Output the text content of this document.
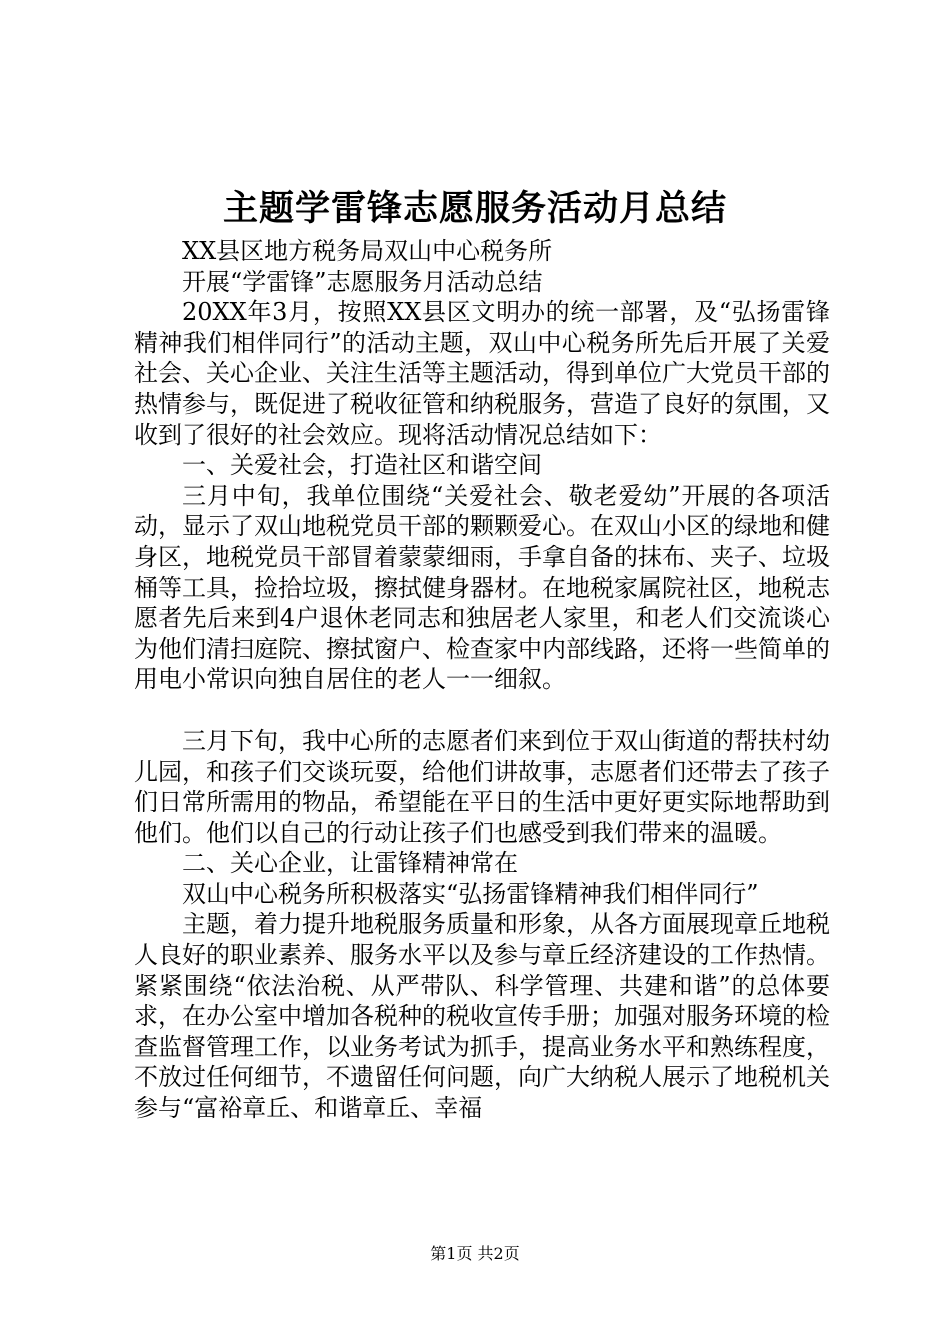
主题学雷锋志愿服务活动月总结

XX县区地方税务局双山中心税务所

开展“学雷锋”志愿服务月活动总结

20XX年3月，按照XX县区文明办的统一部署，及“弘扬雷锋精神我们相伴同行”的活动主题，双山中心税务所先后开展了关爱社会、关心企业、关注生活等主题活动，得到单位广大党员干部的热情参与，既促进了税收征管和纳税服务，营造了良好的氛围，又收到了很好的社会效应。现将活动情况总结如下：

一、关爱社会，打造社区和谐空间

三月中旬，我单位围绕“关爱社会、敬老爱幼”开展的各项活动，显示了双山地税党员干部的颗颗爱心。在双山小区的绿地和健身区，地税党员干部冒着蒙蒙细雨，手拿自备的抹布、夹子、垃圾桶等工具，捡拾垃圾，擦拭健身器材。在地税家属院社区，地税志愿者先后来到4户退休老同志和独居老人家里，和老人们交流谈心为他们清扫庭院、擦拭窗户、检查家中内部线路，还将一些简单的用电小常识向独自居住的老人一一细叙。

三月下旬，我中心所的志愿者们来到位于双山街道的帮扶村幼儿园，和孩子们交谈玩耍，给他们讲故事，志愿者们还带去了孩子们日常所需用的物品，希望能在平日的生活中更好更实际地帮助到他们。他们以自己的行动让孩子们也感受到我们带来的温暖。

二、关心企业，让雷锋精神常在

双山中心税务所积极落实“弘扬雷锋精神我们相伴同行”

主题，着力提升地税服务质量和形象，从各方面展现章丘地税人良好的职业素养、服务水平以及参与章丘经济建设的工作热情。紧紧围绕“依法治税、从严带队、科学管理、共建和谐”的总体要求，在办公室中增加各税种的税收宣传手册；加强对服务环境的检查监督管理工作，以业务考试为抓手，提高业务水平和熟练程度，不放过任何细节，不遗留任何问题，向广大纳税人展示了地税机关参与“富裕章丘、和谐章丘、幸福

第1页 共2页
